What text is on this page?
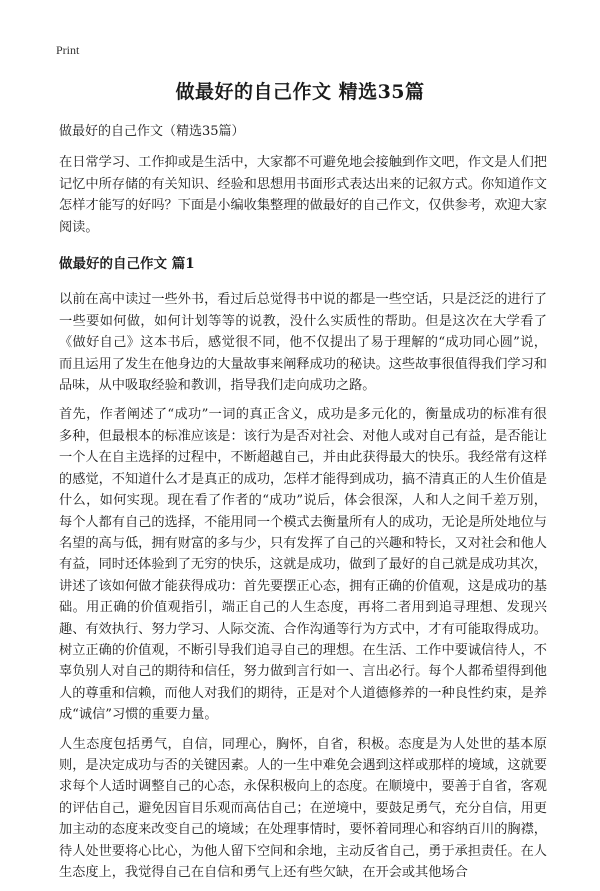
Print
做最好的自己作文 精选35篇

做最好的自己作文（精选35篇）

在日常学习、工作抑或是生活中，大家都不可避免地会接触到作文吧，作文是人们把记忆中所存储的有关知识、经验和思想用书面形式表达出来的记叙方式。你知道作文怎样才能写的好吗？下面是小编收集整理的做最好的自己作文，仅供参考，欢迎大家阅读。

做最好的自己作文 篇1

以前在高中读过一些外书，看过后总觉得书中说的都是一些空话，只是泛泛的进行了一些要如何做，如何计划等等的说教，没什么实质性的帮助。但是这次在大学看了《做好自己》这本书后，感觉很不同，他不仅提出了易于理解的“成功同心圆”说，而且运用了发生在他身边的大量故事来阐释成功的秘诀。这些故事很值得我们学习和品味，从中吸取经验和教训，指导我们走向成功之路。

首先，作者阐述了“成功”一词的真正含义，成功是多元化的，衡量成功的标准有很多种，但最根本的标准应该是：该行为是否对社会、对他人或对自己有益，是否能让一个人在自主选择的过程中，不断超越自己，并由此获得最大的快乐。我经常有这样的感觉，不知道什么才是真正的成功，怎样才能得到成功，搞不清真正的人生价值是什么，如何实现。现在看了作者的“成功”说后，体会很深，人和人之间千差万别，每个人都有自己的选择，不能用同一个模式去衡量所有人的成功，无论是所处地位与名望的高与低，拥有财富的多与少，只有发挥了自己的兴趣和特长，又对社会和他人有益，同时还体验到了无穷的快乐，这就是成功，做到了最好的自己就是成功其次，讲述了该如何做才能获得成功：首先要摆正心态，拥有正确的价值观，这是成功的基础。用正确的价值观指引，端正自己的人生态度，再将二者用到追寻理想、发现兴趣、有效执行、努力学习、人际交流、合作沟通等行为方式中，才有可能取得成功。树立正确的价值观，不断引导我们追寻自己的理想。在生活、工作中要诚信待人，不辜负别人对自己的期待和信任，努力做到言行如一、言出必行。每个人都希望得到他人的尊重和信赖，而他人对我们的期待，正是对个人道德修养的一种良性约束，是养成“诚信”习惯的重要力量。

人生态度包括勇气，自信，同理心，胸怀，自省，积极。态度是为人处世的基本原则，是决定成功与否的关键因素。人的一生中难免会遇到这样或那样的境域，这就要求每个人适时调整自己的心态，永保积极向上的态度。在顺境中，要善于自省，客观的评估自己，避免因盲目乐观而高估自己；在逆境中，要鼓足勇气，充分自信，用更加主动的态度来改变自己的境域；在处理事情时，要怀着同理心和容纳百川的胸襟，待人处世要将心比心，为他人留下空间和余地，主动反省自己，勇于承担责任。在人生态度上，我觉得自己在自信和勇气上还有些欠缺，在开会或其他场合
